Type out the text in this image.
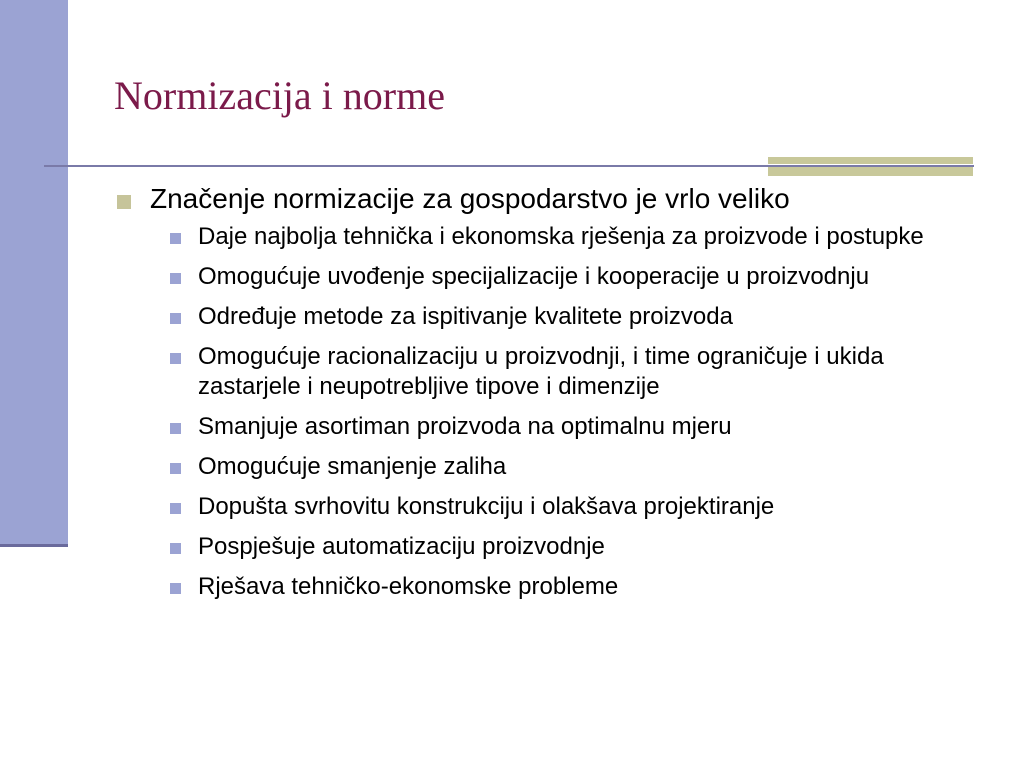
Normizacija i norme
Značenje normizacije za gospodarstvo je vrlo veliko
Daje najbolja tehnička i ekonomska rješenja za proizvode i postupke
Omogućuje uvođenje specijalizacije i kooperacije u proizvodnju
Određuje metode za ispitivanje kvalitete proizvoda
Omogućuje racionalizaciju u proizvodnji, i time ograničuje i ukida zastarjele i neupotrebljive tipove i dimenzije
Smanjuje asortiman proizvoda na optimalnu mjeru
Omogućuje smanjenje zaliha
Dopušta svrhovitu konstrukciju i olakšava projektiranje
Pospješuje automatizaciju proizvodnje
Rješava tehničko-ekonomske probleme
